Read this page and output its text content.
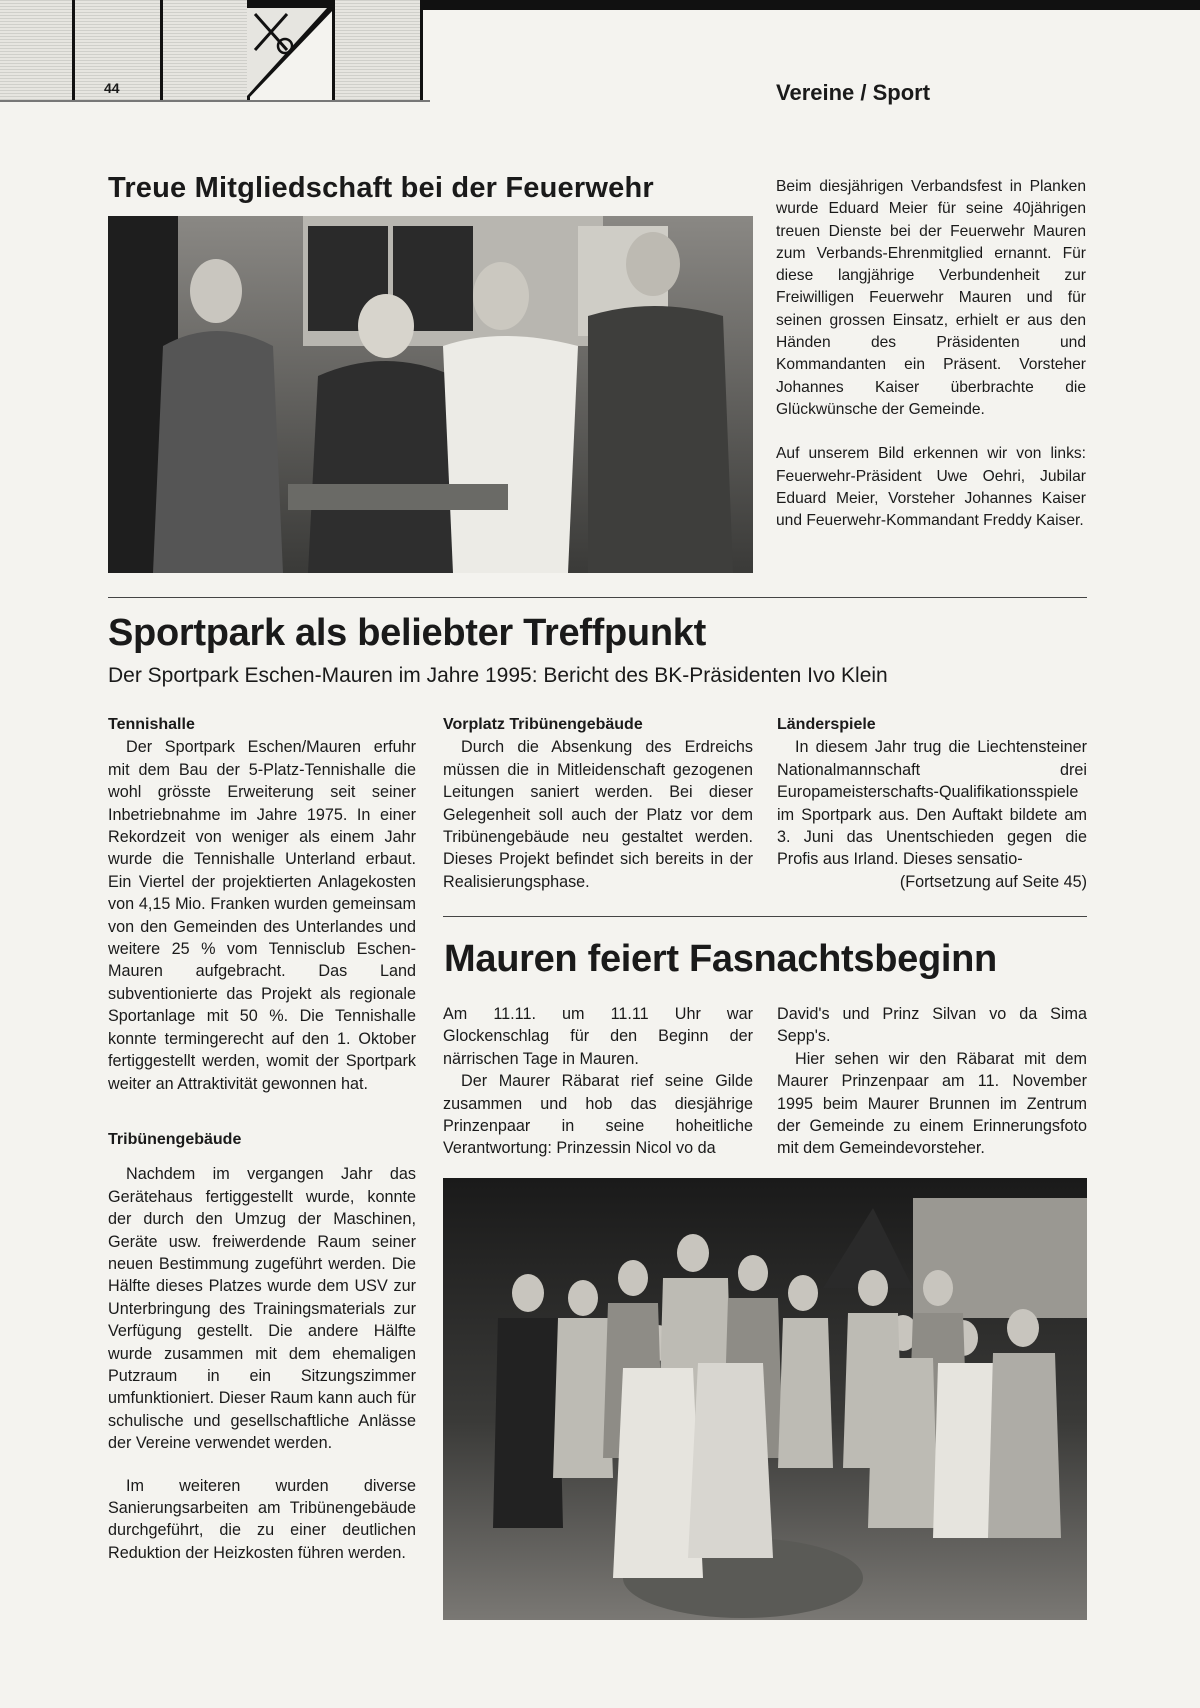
44	Vereine / Sport
Treue Mitgliedschaft bei der Feuerwehr	Beim diesjährigen Verbandsfest in Planken wurde Eduard Meier für seine 40jährigen treuen Dienste bei der Feuerwehr Mauren zum Verbands-Ehrenmitglied ernannt. Für diese langjährige Verbundenheit zur Freiwilligen Feuerwehr Mauren und für seinen grossen Einsatz, erhielt er aus den Händen des Präsidenten und Kommandanten ein Präsent. Vorsteher Johannes Kaiser überbrachte die Glückwünsche der Gemeinde.

Auf unserem Bild erkennen wir von links: Feuerwehr-Präsident Uwe Oehri, Jubilar Eduard Meier, Vorsteher Johannes Kaiser und Feuerwehr-Kommandant Freddy Kaiser.

Sportpark als beliebter Treffpunkt
Der Sportpark Eschen-Mauren im Jahre 1995: Bericht des BK-Präsidenten Ivo Klein
Tennishalle

Der Sportpark Eschen/Mauren erfuhr mit dem Bau der 5-Platz-Tennishalle die wohl grösste Erweiterung seit seiner Inbetriebnahme im Jahre 1975. In einer Rekordzeit von weniger als einem Jahr wurde die Tennishalle Unterland erbaut. Ein Viertel der projektierten Anlagekosten von 4,15 Mio. Franken wurden gemeinsam von den Gemeinden des Unterlandes und weitere 25 % vom Tennisclub Eschen-Mauren aufgebracht. Das Land subventionierte das Projekt als regionale Sportanlage mit 50 %. Die Tennishalle konnte termingerecht auf den 1. Oktober fertiggestellt werden, womit der Sportpark weiter an Attraktivität gewonnen hat.

Tribünengebäude

Nachdem im vergangen Jahr das Gerätehaus fertiggestellt wurde, konnte der durch den Umzug der Maschinen, Geräte usw. freiwerdende Raum seiner neuen Bestimmung zugeführt werden. Die Hälfte dieses Platzes wurde dem USV zur Unterbringung des Trainingsmaterials zur Verfügung gestellt. Die andere Hälfte wurde zusammen mit dem ehemaligen Putzraum in ein Sitzungszimmer umfunktioniert. Dieser Raum kann auch für schulische und gesellschaftliche Anlässe der Vereine verwendet werden.

Im weiteren wurden diverse Sanierungsarbeiten am Tribünengebäude durchgeführt, die zu einer deutlichen Reduktion der Heizkosten führen werden.

Vorplatz Tribünengebäude

Durch die Absenkung des Erdreichs müssen die in Mitleidenschaft gezogenen Leitungen saniert werden. Bei dieser Gelegenheit soll auch der Platz vor dem Tribünengebäude neu gestaltet werden. Dieses Projekt befindet sich bereits in der Realisierungsphase.

Länderspiele

In diesem Jahr trug die Liechtensteiner Nationalmannschaft drei Europameisterschafts-Qualifikationsspiele im Sportpark aus. Den Auftakt bildete am 3. Juni das Unentschieden gegen die Profis aus Irland. Dieses sensatio-

(Fortsetzung auf Seite 45)

Mauren feiert Fasnachtsbeginn

Am 11.11. um 11.11 Uhr war Glockenschlag für den Beginn der närrischen Tage in Mauren.

Der Maurer Räbarat rief seine Gilde zusammen und hob das diesjährige Prinzenpaar in seine hoheitliche Verantwortung: Prinzessin Nicol vo da

David's und Prinz Silvan vo da Sima Sepp's.

Hier sehen wir den Räbarat mit dem Maurer Prinzenpaar am 11. November 1995 beim Maurer Brunnen im Zentrum der Gemeinde zu einem Erinnerungsfoto mit dem Gemeindevorsteher.
